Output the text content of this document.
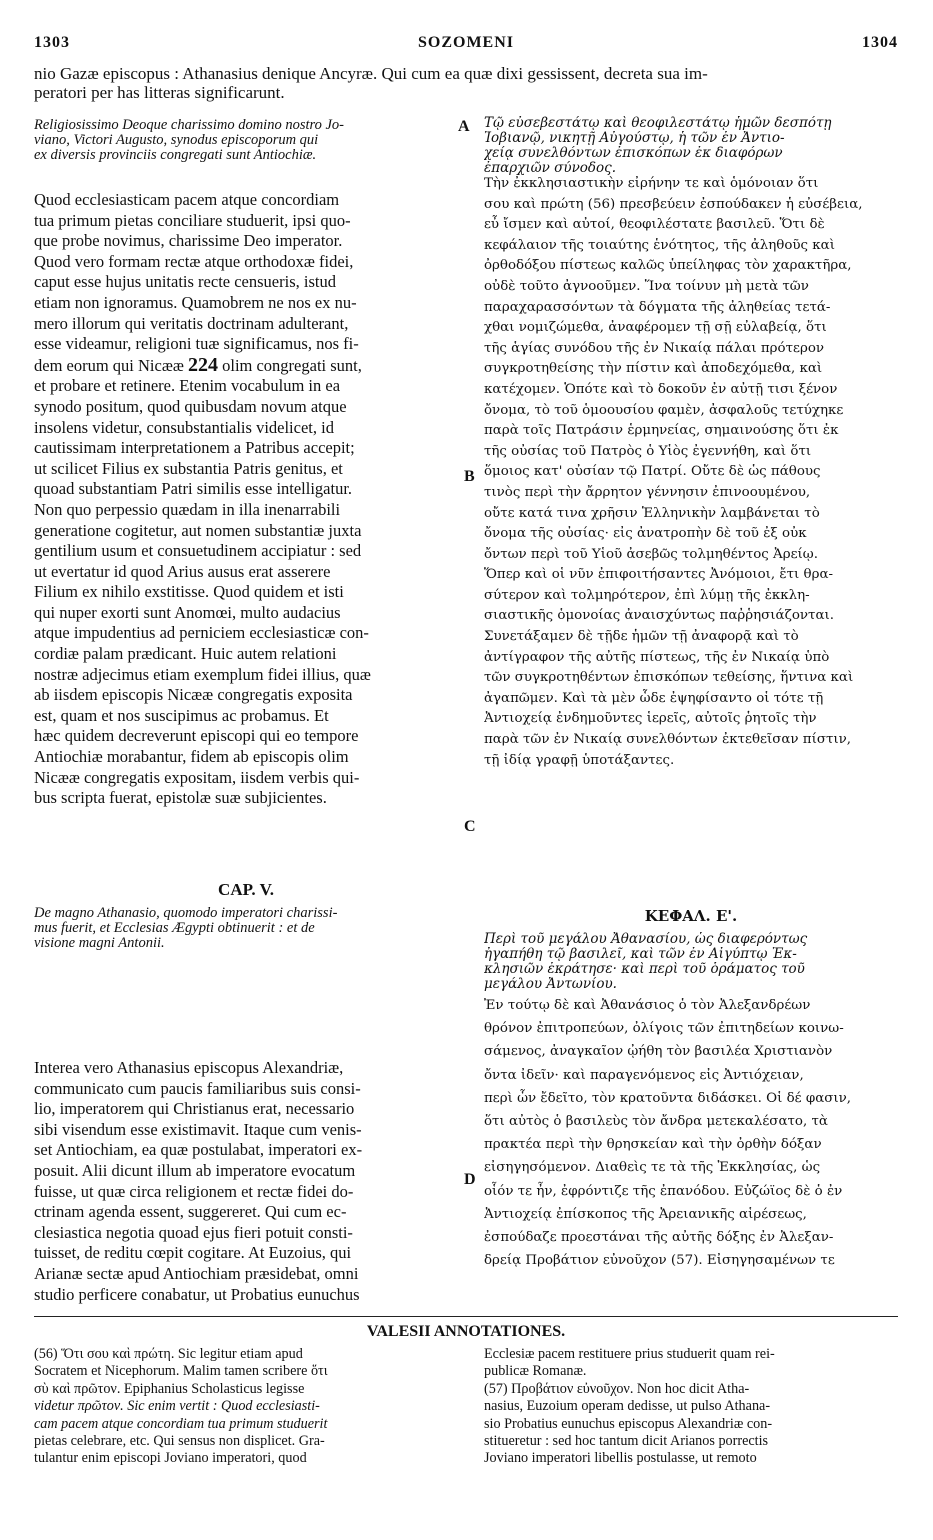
1303	SOZOMENI	1304

nio Gazæ episcopus : Athanasius denique Ancyræ. Qui cum ea quæ dixi gessissent, decreta sua im-

peratori per has litteras significarunt.

Religiosissimo Deoque charissimo domino nostro Jo-
viano, Victori Augusto, synodus episcoporum qui
ex diversis provinciis congregati sunt Antiochiæ.
Quod ecclesiasticam pacem atque concordiam
tua primum pietas conciliare studuerit, ipsi quo-
que probe novimus, charissime Deo imperator.
Quod vero formam rectæ atque orthodoxæ fidei,
caput esse hujus unitatis recte censueris, istud
etiam non ignoramus. Quamobrem ne nos ex nu-
mero illorum qui veritatis doctrinam adulterant,
esse videamur, religioni tuæ significamus, nos fi-
dem eorum qui Nicææ 224 olim congregati sunt,
et probare et retinere. Etenim vocabulum in ea
synodo positum, quod quibusdam novum atque
insolens videtur, consubstantialis videlicet, id
cautissimam interpretationem a Patribus accepit;
ut scilicet Filius ex substantia Patris genitus, et
quoad substantiam Patri similis esse intelligatur.
Non quo perpessio quædam in illa inenarrabili
generatione cogitetur, aut nomen substantiæ juxta
gentilium usum et consuetudinem accipiatur : sed
ut evertatur id quod Arius ausus erat asserere
Filium ex nihilo exstitisse. Quod quidem et isti
qui nuper exorti sunt Anomœi, multo audacius
atque impudentius ad perniciem ecclesiasticæ con-
cordiæ palam prædicant. Huic autem relationi
nostræ adjecimus etiam exemplum fidei illius, quæ
ab iisdem episcopis Nicææ congregatis exposita
est, quam et nos suscipimus ac probamus. Et
hæc quidem decreverunt episcopi qui eo tempore
Antiochiæ morabantur, fidem ab episcopis olim
Nicææ congregatis expositam, iisdem verbis qui-
bus scripta fuerat, epistolæ suæ subjicientes.
CAP. V.
De magno Athanasio, quomodo imperatori charissi-
mus fuerit, et Ecclesias Ægypti obtinuerit : et de
visione magni Antonii.
Interea vero Athanasius episcopus Alexandriæ,
communicato cum paucis familiaribus suis consi-
lio, imperatorem qui Christianus erat, necessario
sibi visendum esse existimavit. Itaque cum venis-
set Antiochiam, ea quæ postulabat, imperatori ex-
posuit. Alii dicunt illum ab imperatore evocatum
fuisse, ut quæ circa religionem et rectæ fidei do-
ctrinam agenda essent, suggereret. Qui cum ec-
clesiastica negotia quoad ejus fieri potuit consti-
tuisset, de reditu cœpit cogitare. At Euzoius, qui
Arianæ sectæ apud Antiochiam præsidebat, omni
studio perficere conabatur, ut Probatius eunuchus
A
B
C
D
Τῷ εὐσεβεστάτῳ καὶ θεοφιλεστάτῳ ἡμῶν δεσπότῃ
Ἰοβιανῷ, νικητῇ Αὐγούστῳ, ἡ τῶν ἐν Ἀντιο-
χείᾳ συνελθόντων ἐπισκόπων ἐκ διαφόρων
ἐπαρχιῶν σύνοδος.
Τὴν ἐκκλησιαστικὴν εἰρήνην τε καὶ ὁμόνοιαν ὅτι
σου καὶ πρώτη (56) πρεσβεύειν ἐσπούδακεν ἡ εὐσέβεια,
εὖ ἴσμεν καὶ αὐτοί, θεοφιλέστατε βασιλεῦ. Ὅτι δὲ
κεφάλαιον τῆς τοιαύτης ἑνότητος, τῆς ἀληθοῦς καὶ
ὀρθοδόξου πίστεως καλῶς ὑπείληφας τὸν χαρακτῆρα,
οὐδὲ τοῦτο ἀγνοοῦμεν. Ἵνα τοίνυν μὴ μετὰ τῶν
παραχαρασσόντων τὰ δόγματα τῆς ἀληθείας τετά-
χθαι νομιζώμεθα, ἀναφέρομεν τῇ σῇ εὐλαβείᾳ, ὅτι
τῆς ἁγίας συνόδου τῆς ἐν Νικαίᾳ πάλαι πρότερον
συγκροτηθείσης τὴν πίστιν καὶ ἀποδεχόμεθα, καὶ
κατέχομεν. Ὁπότε καὶ τὸ δοκοῦν ἐν αὐτῇ τισι ξένον
ὄνομα, τὸ τοῦ ὁμοουσίου φαμὲν, ἀσφαλοῦς τετύχηκε
παρὰ τοῖς Πατράσιν ἑρμηνείας, σημαινούσης ὅτι ἐκ
τῆς οὐσίας τοῦ Πατρὸς ὁ Υἱὸς ἐγεννήθη, καὶ ὅτι
ὅμοιος κατ' οὐσίαν τῷ Πατρί. Οὔτε δὲ ὡς πάθους
τινὸς περὶ τὴν ἄρρητον γέννησιν ἐπινοουμένου,
οὔτε κατά τινα χρῆσιν Ἑλληνικὴν λαμβάνεται τὸ
ὄνομα τῆς οὐσίας· εἰς ἀνατροπὴν δὲ τοῦ ἐξ οὐκ
ὄντων περὶ τοῦ Υἱοῦ ἀσεβῶς τολμηθέντος Ἀρείῳ.
Ὅπερ καὶ οἱ νῦν ἐπιφοιτήσαντες Ἀνόμοιοι, ἔτι θρα-
σύτερον καὶ τολμηρότερον, ἐπὶ λύμῃ τῆς ἐκκλη-
σιαστικῆς ὁμονοίας ἀναισχύντως παῤῥησιάζονται.
Συνετάξαμεν δὲ τῇδε ἡμῶν τῇ ἀναφορᾷ καὶ τὸ
ἀντίγραφον τῆς αὐτῆς πίστεως, τῆς ἐν Νικαίᾳ ὑπὸ
τῶν συγκροτηθέντων ἐπισκόπων τεθείσης, ἥντινα καὶ
ἀγαπῶμεν. Καὶ τὰ μὲν ὧδε ἐψηφίσαντο οἱ τότε τῇ
Ἀντιοχείᾳ ἐνδημοῦντες ἱερεῖς, αὐτοῖς ῥητοῖς τὴν
παρὰ τῶν ἐν Νικαίᾳ συνελθόντων ἐκτεθεῖσαν πίστιν,
τῇ ἰδίᾳ γραφῇ ὑποτάξαντες.
ΚΕΦΑΛ. Ε'.
Περὶ τοῦ μεγάλου Ἀθανασίου, ὡς διαφερόντως
ἠγαπήθη τῷ βασιλεῖ, καὶ τῶν ἐν Αἰγύπτῳ Ἐκ-
κλησιῶν ἐκράτησε· καὶ περὶ τοῦ ὁράματος τοῦ
μεγάλου Ἀντωνίου.
Ἐν τούτῳ δὲ καὶ Ἀθανάσιος ὁ τὸν Ἀλεξανδρέων
θρόνον ἐπιτροπεύων, ὀλίγοις τῶν ἐπιτηδείων κοινω-
σάμενος, ἀναγκαῖον ᾠήθη τὸν βασιλέα Χριστιανὸν
ὄντα ἰδεῖν· καὶ παραγενόμενος εἰς Ἀντιόχειαν,
περὶ ὧν ἔδεῖτο, τὸν κρατοῦντα διδάσκει. Οἱ δέ φασιν,
ὅτι αὐτὸς ὁ βασιλεὺς τὸν ἄνδρα μετεκαλέσατο, τὰ
πρακτέα περὶ τὴν θρησκείαν καὶ τὴν ὀρθὴν δόξαν
εἰσηγησόμενον. Διαθεὶς τε τὰ τῆς Ἐκκλησίας, ὡς
οἷόν τε ἦν, ἐφρόντιζε τῆς ἐπανόδου. Εὐζώϊος δὲ ὁ ἐν
Ἀντιοχείᾳ ἐπίσκοπος τῆς Ἀρειανικῆς αἱρέσεως,
ἐσπούδαζε προεστάναι τῆς αὐτῆς δόξης ἐν Ἀλεξαν-
δρείᾳ Προβάτιον εὐνοῦχον (57). Εἰσηγησαμένων τε
VALESII ANNOTATIONES.
(56) Ὅτι σου καὶ πρώτη. Sic legitur etiam apud
Socratem et Nicephorum. Malim tamen scribere ὅτι
σὺ καὶ πρῶτον. Epiphanius Scholasticus legisse
videtur πρῶτον. Sic enim vertit : Quod ecclesiasti-
cam pacem atque concordiam tua primum studuerit
pietas celebrare, etc. Qui sensus non displicet. Gra-
tulantur enim episcopi Joviano imperatori, quod
Ecclesiæ pacem restituere prius studuerit quam rei-
publicæ Romanæ.
(57) Προβάτιον εὐνοῦχον. Non hoc dicit Atha-
nasius, Euzoium operam dedisse, ut pulso Athana-
sio Probatius eunuchus episcopus Alexandriæ con-
stitueretur : sed hoc tantum dicit Arianos porrectis
Joviano imperatori libellis postulasse, ut remoto
